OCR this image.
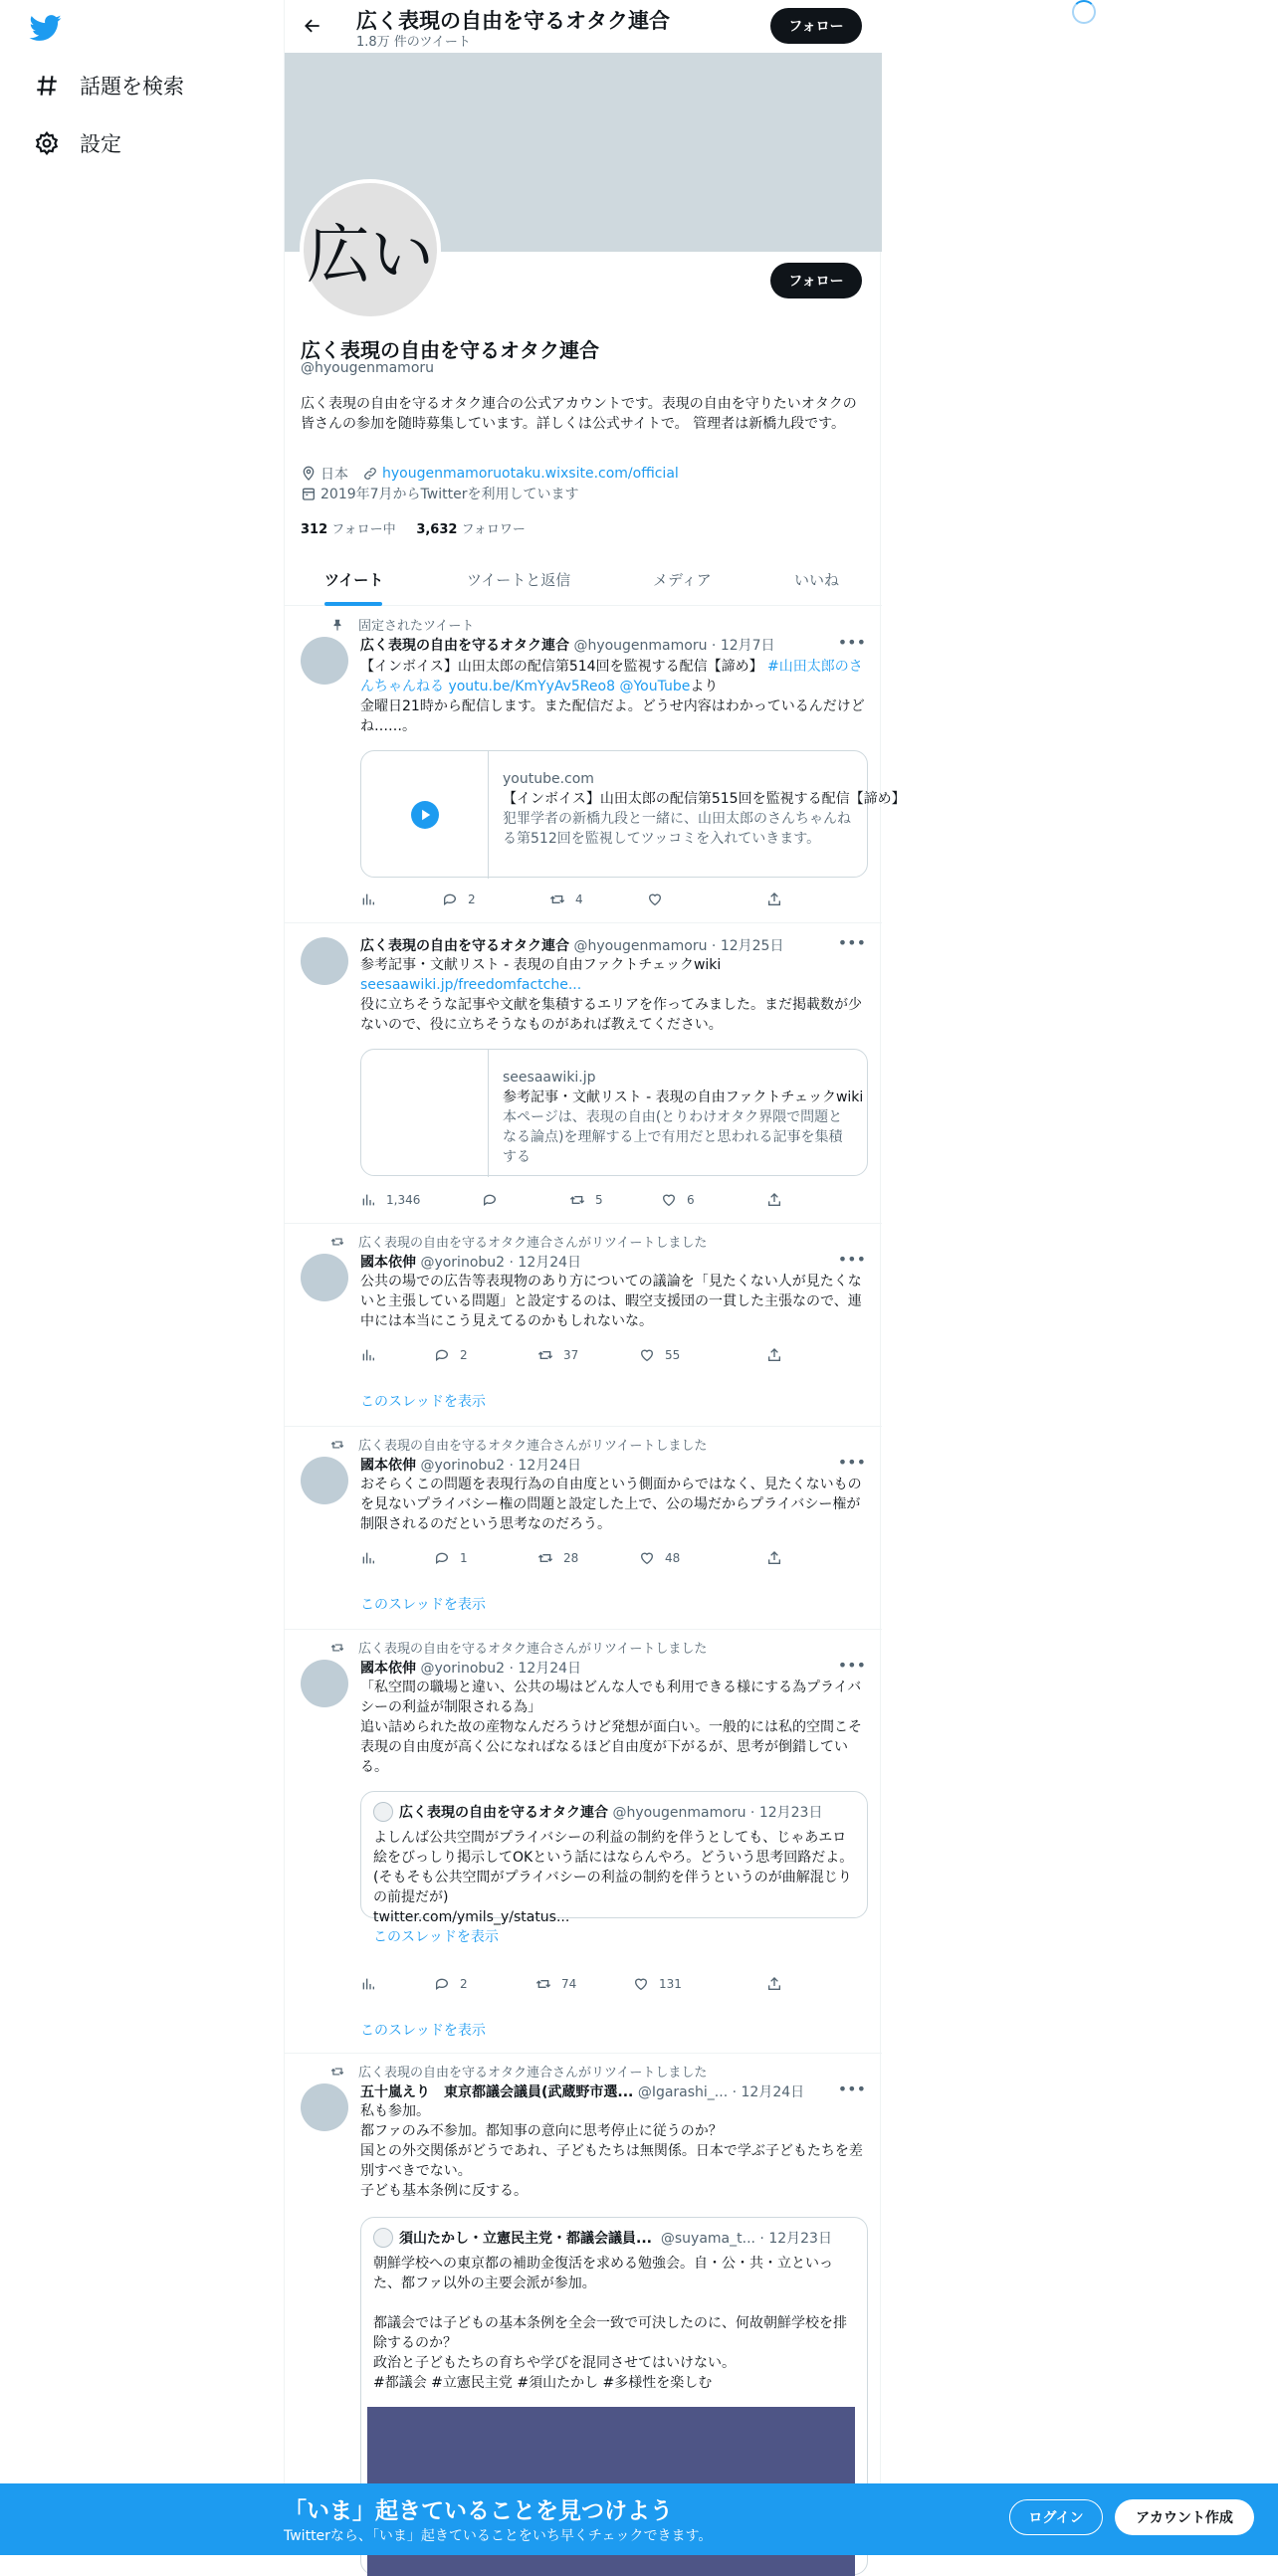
話題を検索
設定
広く表現の自由を守るオタク連合
1.8万 件のツイート
フォロー
広い	フォロー
広く表現の自由を守るオタク連合
@hyougenmamoru
広く表現の自由を守るオタク連合の公式アカウントです。表現の自由を守りたいオタクの皆さんの参加を随時募集しています。詳しくは公式サイトで。 管理者は新橋九段です。
日本 hyougenmamoruotaku.wixsite.com/official
2019年7月からTwitterを利用しています
312 フォロー中 3,632 フォロワー
ツイート	ツイートと返信	メディア	いいね
固定されたツイート
広く表現の自由を守るオタク連合 @hyougenmamoru · 12月7日	•••
【インボイス】山田太郎の配信第514回を監視する配信【諦め】 #山田太郎のさんちゃんねる youtu.be/KmYyAv5Reo8 @YouTubeより
金曜日21時から配信します。また配信だよ。どうせ内容はわかっているんだけどね……。
youtube.com
【インボイス】山田太郎の配信第515回を監視する配信【諦め】
犯罪学者の新橋九段と一緒に、山田太郎のさんちゃんねる第512回を監視してツッコミを入れていきます。
2	4
広く表現の自由を守るオタク連合 @hyougenmamoru · 12月25日	•••
参考記事・文献リスト - 表現の自由ファクトチェックwiki
seesaawiki.jp/freedomfactche...
役に立ちそうな記事や文献を集積するエリアを作ってみました。まだ掲載数が少ないので、役に立ちそうなものがあれば教えてください。
seesaawiki.jp
参考記事・文献リスト - 表現の自由ファクトチェックwiki
本ページは、表現の自由(とりわけオタク界隈で問題となる論点)を理解する上で有用だと思われる記事を集積する
1,346	5	6
広く表現の自由を守るオタク連合さんがリツイートしました
國本依伸 @yorinobu2 · 12月24日	•••
公共の場での広告等表現物のあり方についての議論を「見たくない人が見たくないと主張している問題」と設定するのは、暇空支援団の一貫した主張なので、連中には本当にこう見えてるのかもしれないな。
2	37	55
このスレッドを表示
広く表現の自由を守るオタク連合さんがリツイートしました
國本依伸 @yorinobu2 · 12月24日	•••
おそらくこの問題を表現行為の自由度という側面からではなく、見たくないものを見ないプライバシー権の問題と設定した上で、公の場だからプライバシー権が制限されるのだという思考なのだろう。
1	28	48
このスレッドを表示
広く表現の自由を守るオタク連合さんがリツイートしました
國本依伸 @yorinobu2 · 12月24日	•••
「私空間の職場と違い、公共の場はどんな人でも利用できる様にする為プライバシーの利益が制限される為」
追い詰められた故の産物なんだろうけど発想が面白い。一般的には私的空間こそ表現の自由度が高く公になればなるほど自由度が下がるが、思考が倒錯している。
広く表現の自由を守るオタク連合
@hyougenmamoru · 12月23日
よしんば公共空間がプライバシーの利益の制約を伴うとしても、じゃあエロ絵をびっしり掲示してOKという話にはならんやろ。どういう思考回路だよ。(そもそも公共空間がプライバシーの利益の制約を伴うというのが曲解混じりの前提だが)
twitter.com/ymils_y/status...
このスレッドを表示
2	74	131
このスレッドを表示
広く表現の自由を守るオタク連合さんがリツイートしました
五十嵐えり　東京都議会議員(武蔵野市選... @Igarashi_... · 12月24日 •••
私も参加。
都ファのみ不参加。都知事の意向に思考停止に従うのか？
国との外交関係がどうであれ、子どもたちは無関係。日本で学ぶ子どもたちを差別すべきでない。
子ども基本条例に反する。
須山たかし・立憲民主党・都議会議員...
@suyama_t... · 12月23日
朝鮮学校への東京都の補助金復活を求める勉強会。自・公・共・立といった、都ファ以外の主要会派が参加。

都議会では子どもの基本条例を全会一致で可決したのに、何故朝鮮学校を排除するのか？
政治と子どもたちの育ちや学びを混同させてはいけない。
#都議会 #立憲民主党 #須山たかし #多様性を楽しむ
「いま」起きていることを見つけよう
Twitterなら、「いま」起きていることをいち早くチェックできます。
ログイン	アカウント作成
